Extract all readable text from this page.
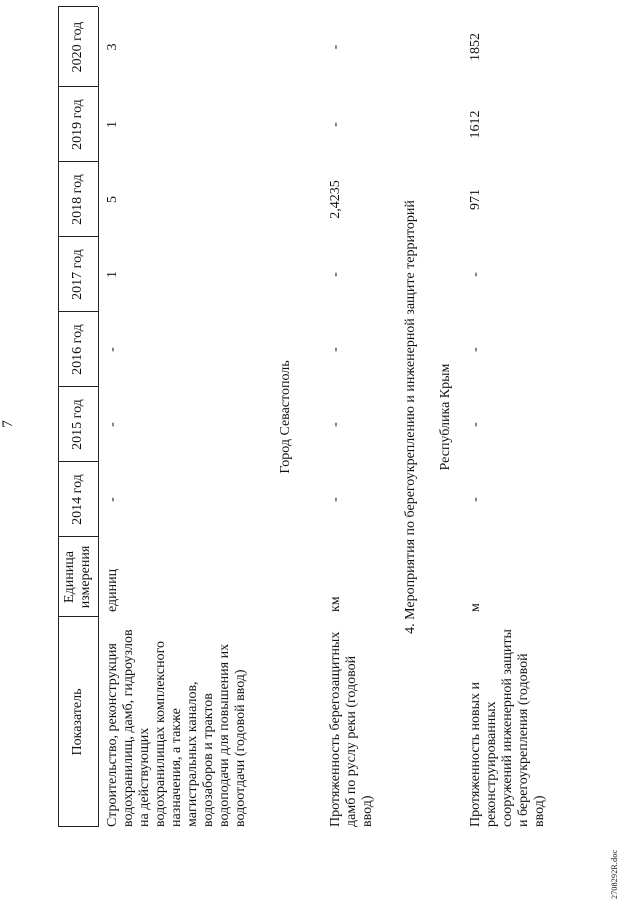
7
Показатель
Единица измерения
2014 год
2015 год
2016 год
2017 год
2018 год
2019 год
2020 год
Строительство, реконструкция водохранилищ, дамб, гидроузлов на действующих водохранилищах комплексного назначения, а также магистральных каналов, водозаборов и трактов водоподачи для повышения их водоотдачи (годовой ввод)
единиц
-
-
-
1
5
1
3
Город Севастополь
Протяженность берегозащитных дамб по руслу реки (годовой ввод)
км
-
-
-
-
2,4235
-
-
4. Мероприятия по берегоукреплению и инженерной защите территорий Республика Крым
Протяженность новых и реконструированных сооружений инженерной защиты и берегоукрепления (годовой ввод)
м
-
-
-
-
971
1612
1852
2708292R.doc
